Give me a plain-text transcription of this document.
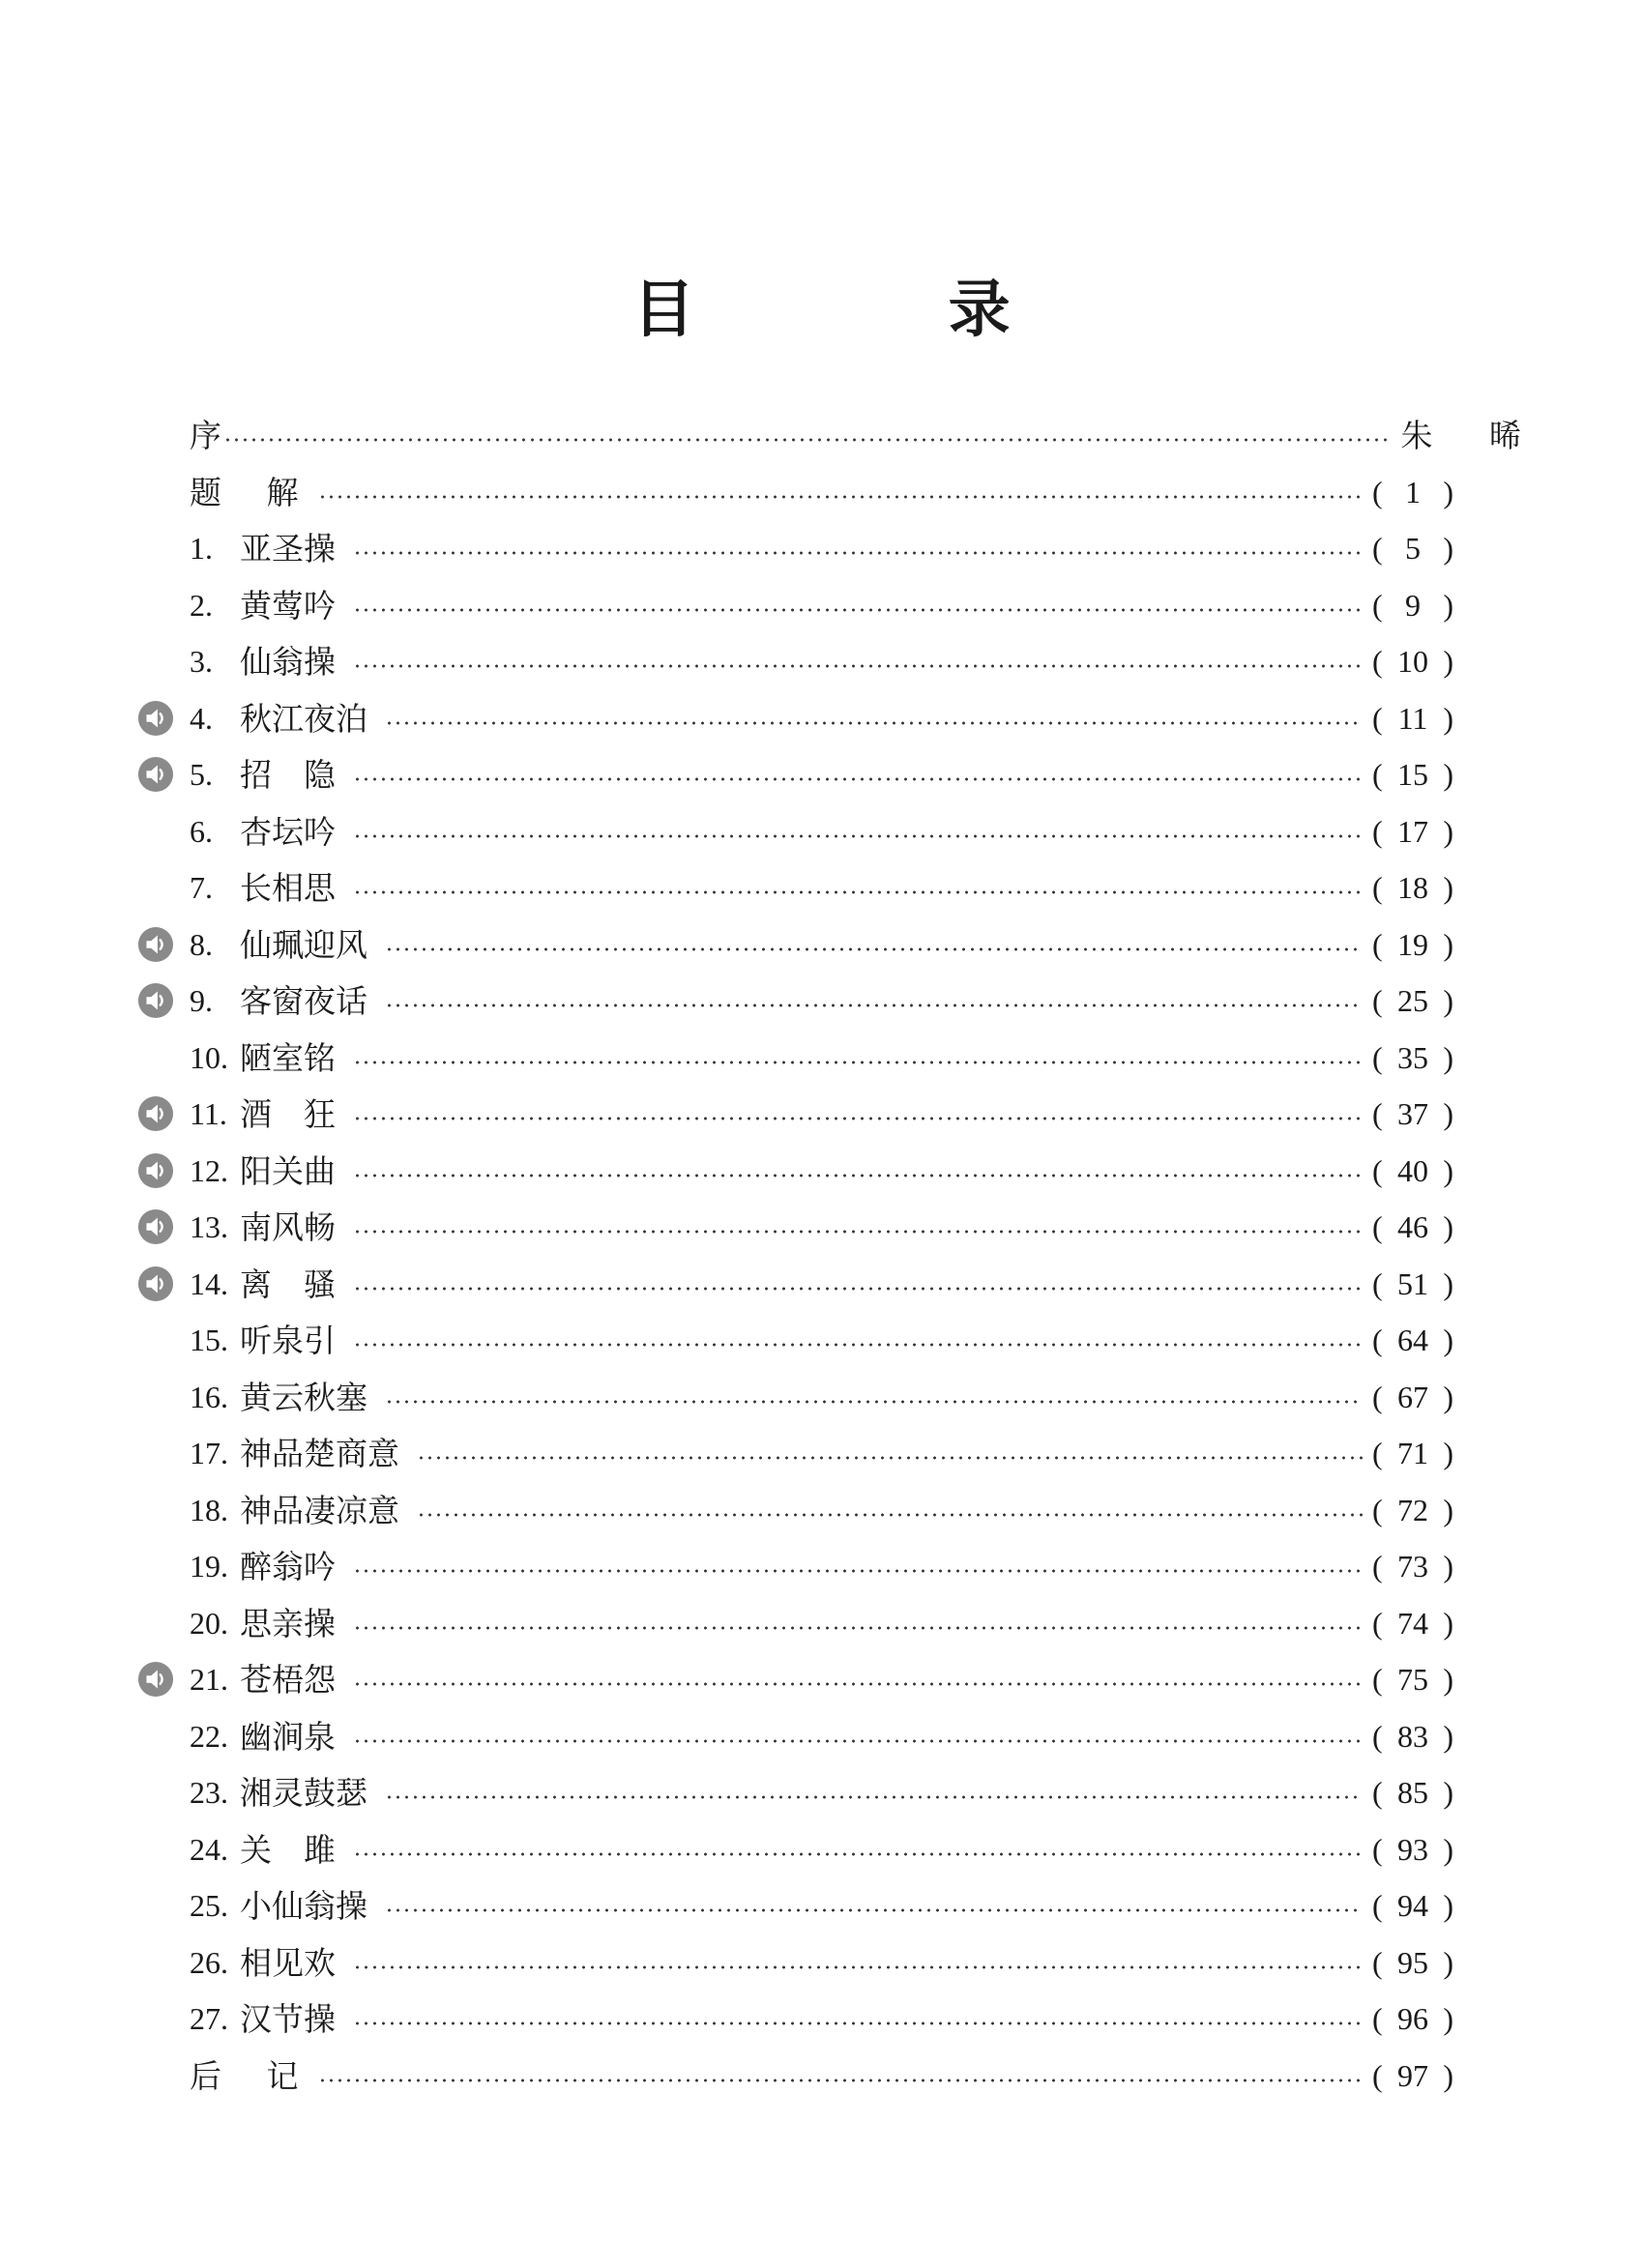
目 录
序	朱 晞
题 解	( 1 )
1. 亚圣操	( 5 )
2. 黄莺吟	( 9 )
3. 仙翁操	( 10 )
4. 秋江夜泊	( 11 )
5. 招　隐	( 15 )
6. 杏坛吟	( 17 )
7. 长相思	( 18 )
8. 仙珮迎风	( 19 )
9. 客窗夜话	( 25 )
10. 陋室铭	( 35 )
11. 酒　狂	( 37 )
12. 阳关曲	( 40 )
13. 南风畅	( 46 )
14. 离　骚	( 51 )
15. 听泉引	( 64 )
16. 黄云秋塞	( 67 )
17. 神品楚商意	( 71 )
18. 神品凄凉意	( 72 )
19. 醉翁吟	( 73 )
20. 思亲操	( 74 )
21. 苍梧怨	( 75 )
22. 幽涧泉	( 83 )
23. 湘灵鼓瑟	( 85 )
24. 关　雎	( 93 )
25. 小仙翁操	( 94 )
26. 相见欢	( 95 )
27. 汉节操	( 96 )
后 记	( 97 )
